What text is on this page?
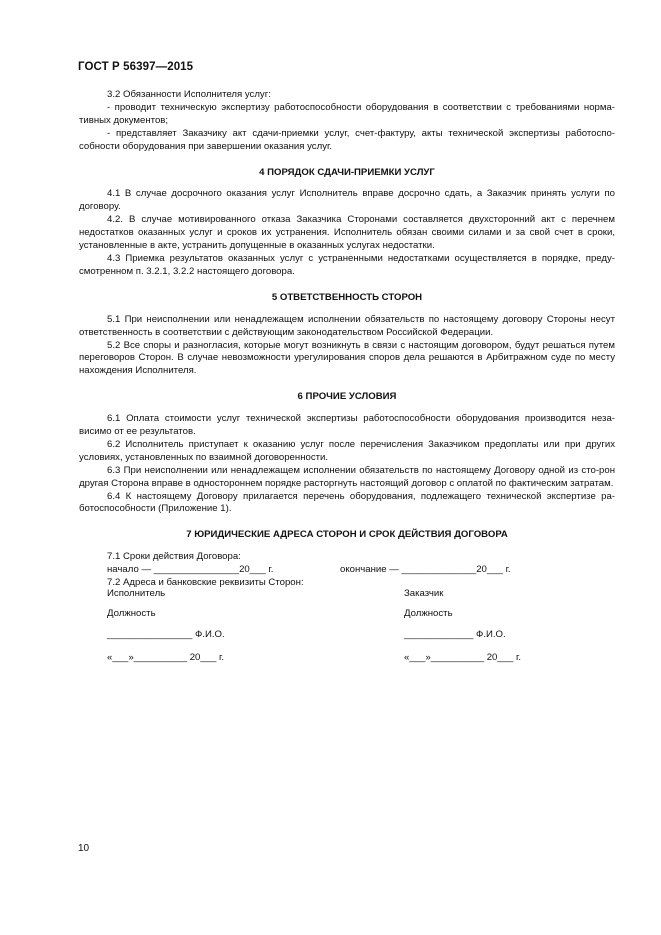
ГОСТ Р 56397—2015

3.2 Обязанности Исполнителя услуг:

- проводит техническую экспертизу работоспособности оборудования в соответствии с требованиями норма-тивных документов;

- представляет Заказчику акт сдачи-приемки услуг, счет-фактуру, акты технической экспертизы работоспо-собности оборудования при завершении оказания услуг.

4 ПОРЯДОК СДАЧИ-ПРИЕМКИ УСЛУГ

4.1 В случае досрочного оказания услуг Исполнитель вправе досрочно сдать, а Заказчик принять услуги по договору.

4.2. В случае мотивированного отказа Заказчика Сторонами составляется двухсторонний акт с перечнем недостатков оказанных услуг и сроков их устранения. Исполнитель обязан своими силами и за свой счет в сроки, установленные в акте, устранить допущенные в оказанных услугах недостатки.

4.3 Приемка результатов оказанных услуг с устраненными недостатками осуществляется в порядке, преду-смотренном п. 3.2.1, 3.2.2 настоящего договора.

5 ОТВЕТСТВЕННОСТЬ СТОРОН

5.1 При неисполнении или ненадлежащем исполнении обязательств по настоящему договору Стороны несут ответственность в соответствии с действующим законодательством Российской Федерации.

5.2 Все споры и разногласия, которые могут возникнуть в связи с настоящим договором, будут решаться путем переговоров Сторон. В случае невозможности урегулирования споров дела решаются в Арбитражном суде по месту нахождения Исполнителя.

6 ПРОЧИЕ УСЛОВИЯ

6.1 Оплата стоимости услуг технической экспертизы работоспособности оборудования производится неза-висимо от ее результатов.

6.2 Исполнитель приступает к оказанию услуг после перечисления Заказчиком предоплаты или при других условиях, установленных по взаимной договоренности.

6.3 При неисполнении или ненадлежащем исполнении обязательств по настоящему Договору одной из сто-рон другая Сторона вправе в одностороннем порядке расторгнуть настоящий договор с оплатой по фактическим затратам.

6.4 К настоящему Договору прилагается перечень оборудования, подлежащего технической экспертизе ра-ботоспособности (Приложение 1).

7 ЮРИДИЧЕСКИЕ АДРЕСА СТОРОН И СРОК ДЕЙСТВИЯ ДОГОВОРА

7.1 Сроки действия Договора:

начало — ________________20___ г.	окончание — ______________20___ г.

7.2 Адреса и банковские реквизиты Сторон:

Исполнитель
Должность
________________ Ф.И.О.
«___»__________ 20___ г.
Заказчик
Должность
_____________ Ф.И.О.
«___»__________ 20___ г.
10
